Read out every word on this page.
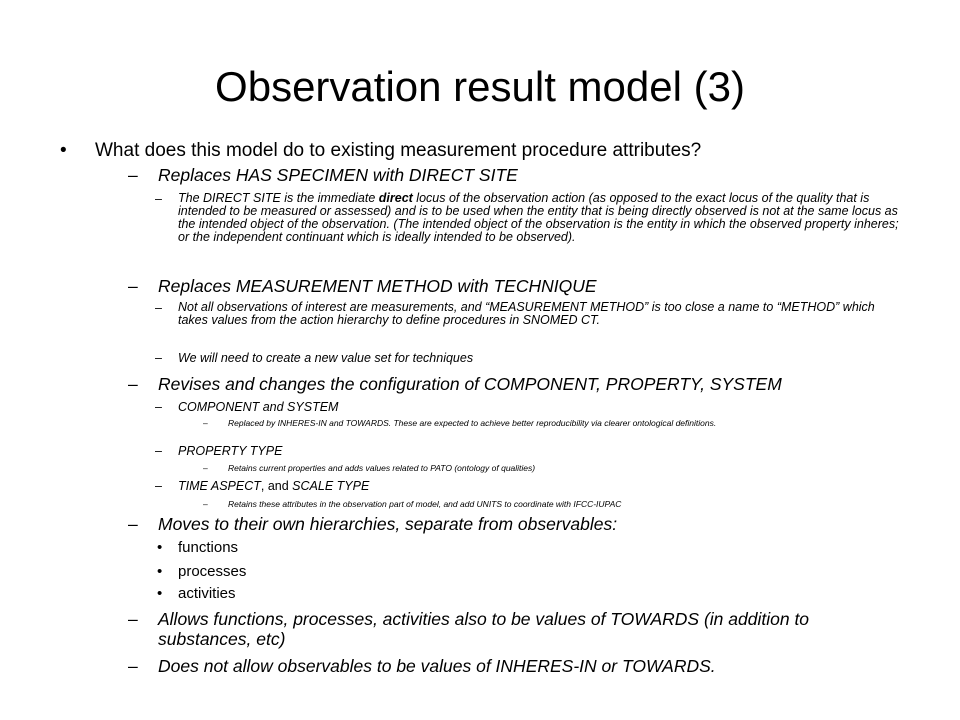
Observation result model (3)
• What does this model do to existing measurement procedure attributes?
– Replaces HAS SPECIMEN with DIRECT SITE
– The DIRECT SITE is the immediate direct locus of the observation action (as opposed to the exact locus of the quality that is intended to be measured or assessed) and is to be used when the entity that is being directly observed is not at the same locus as the intended object of the observation. (The intended object of the observation is the entity in which the observed property inheres; or the independent continuant which is ideally intended to be observed).
– Replaces MEASUREMENT METHOD with TECHNIQUE
– Not all observations of interest are measurements, and “MEASUREMENT METHOD” is too close a name to “METHOD” which takes values from the action hierarchy to define procedures in SNOMED CT.
– We will need to create a new value set for techniques
– Revises and changes the configuration of COMPONENT, PROPERTY, SYSTEM
– COMPONENT and SYSTEM
– Replaced by INHERES-IN and TOWARDS. These are expected to achieve better reproducibility via clearer ontological definitions.
– PROPERTY TYPE
– Retains current properties and adds values related to PATO (ontology of qualities)
– TIME ASPECT, and SCALE TYPE
– Retains these attributes in the observation part of model, and add UNITS to coordinate with IFCC-IUPAC
– Moves to their own hierarchies, separate from observables:
• functions
• processes
• activities
– Allows functions, processes, activities also to be values of TOWARDS (in addition to substances, etc)
– Does not allow observables to be values of INHERES-IN or TOWARDS.
